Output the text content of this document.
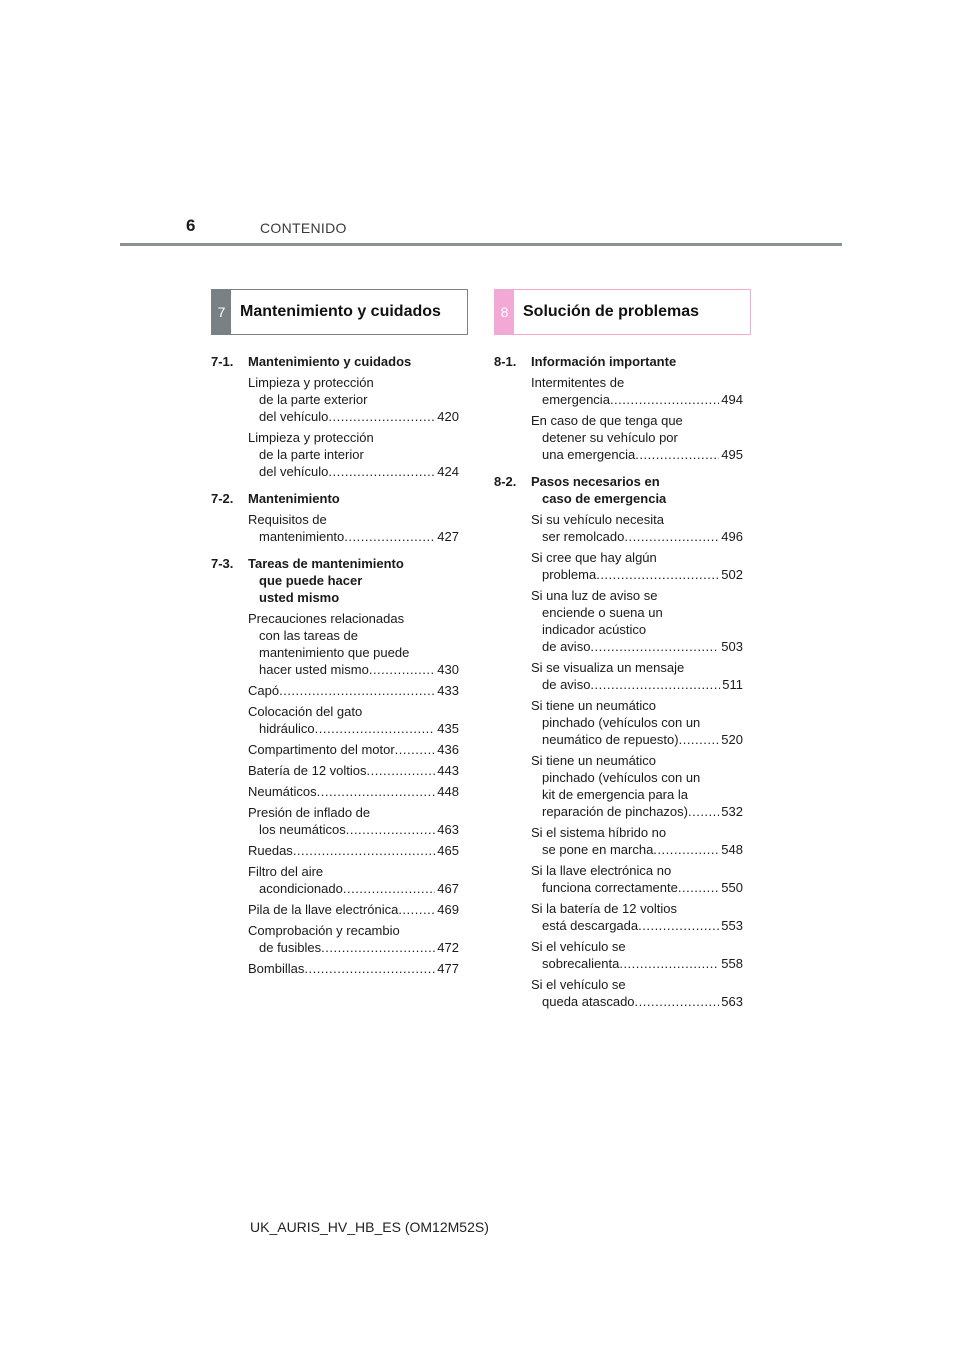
6	CONTENIDO
7 Mantenimiento y cuidados	8 Solución de problemas
7-1.	Mantenimiento y cuidados
Limpieza y protección
de la parte exterior
del vehículo .....	420
Limpieza y protección
de la parte interior
del vehículo .....	424
7-2.	Mantenimiento
Requisitos de
mantenimiento .....	427
7-3.	Tareas de mantenimiento
que puede hacer
usted mismo
Precauciones relacionadas
con las tareas de
mantenimiento que puede
hacer usted mismo .....	430
Capó .....	433
Colocación del gato
hidráulico .....	435
Compartimento del motor .....	436
Batería de 12 voltios .....	443
Neumáticos .....	448
Presión de inflado de
los neumáticos .....	463
Ruedas .....	465
Filtro del aire
acondicionado .....	467
Pila de la llave electrónica .....	469
Comprobación y recambio
de fusibles .....	472
Bombillas .....	477
8-1.	Información importante
Intermitentes de
emergencia .....	494
En caso de que tenga que
detener su vehículo por
una emergencia .....	495
8-2.	Pasos necesarios en
caso de emergencia
Si su vehículo necesita
ser remolcado .....	496
Si cree que hay algún
problema .....	502
Si una luz de aviso se
enciende o suena un
indicador acústico
de aviso .....	503
Si se visualiza un mensaje
de aviso .....	511
Si tiene un neumático
pinchado (vehículos con un
neumático de repuesto) .....	520
Si tiene un neumático
pinchado (vehículos con un
kit de emergencia para la
reparación de pinchazos) .....	532
Si el sistema híbrido no
se pone en marcha .....	548
Si la llave electrónica no
funciona correctamente .....	550
Si la batería de 12 voltios
está descargada .....	553
Si el vehículo se
sobrecalienta .....	558
Si el vehículo se
queda atascado .....	563
UK_AURIS_HV_HB_ES (OM12M52S)
